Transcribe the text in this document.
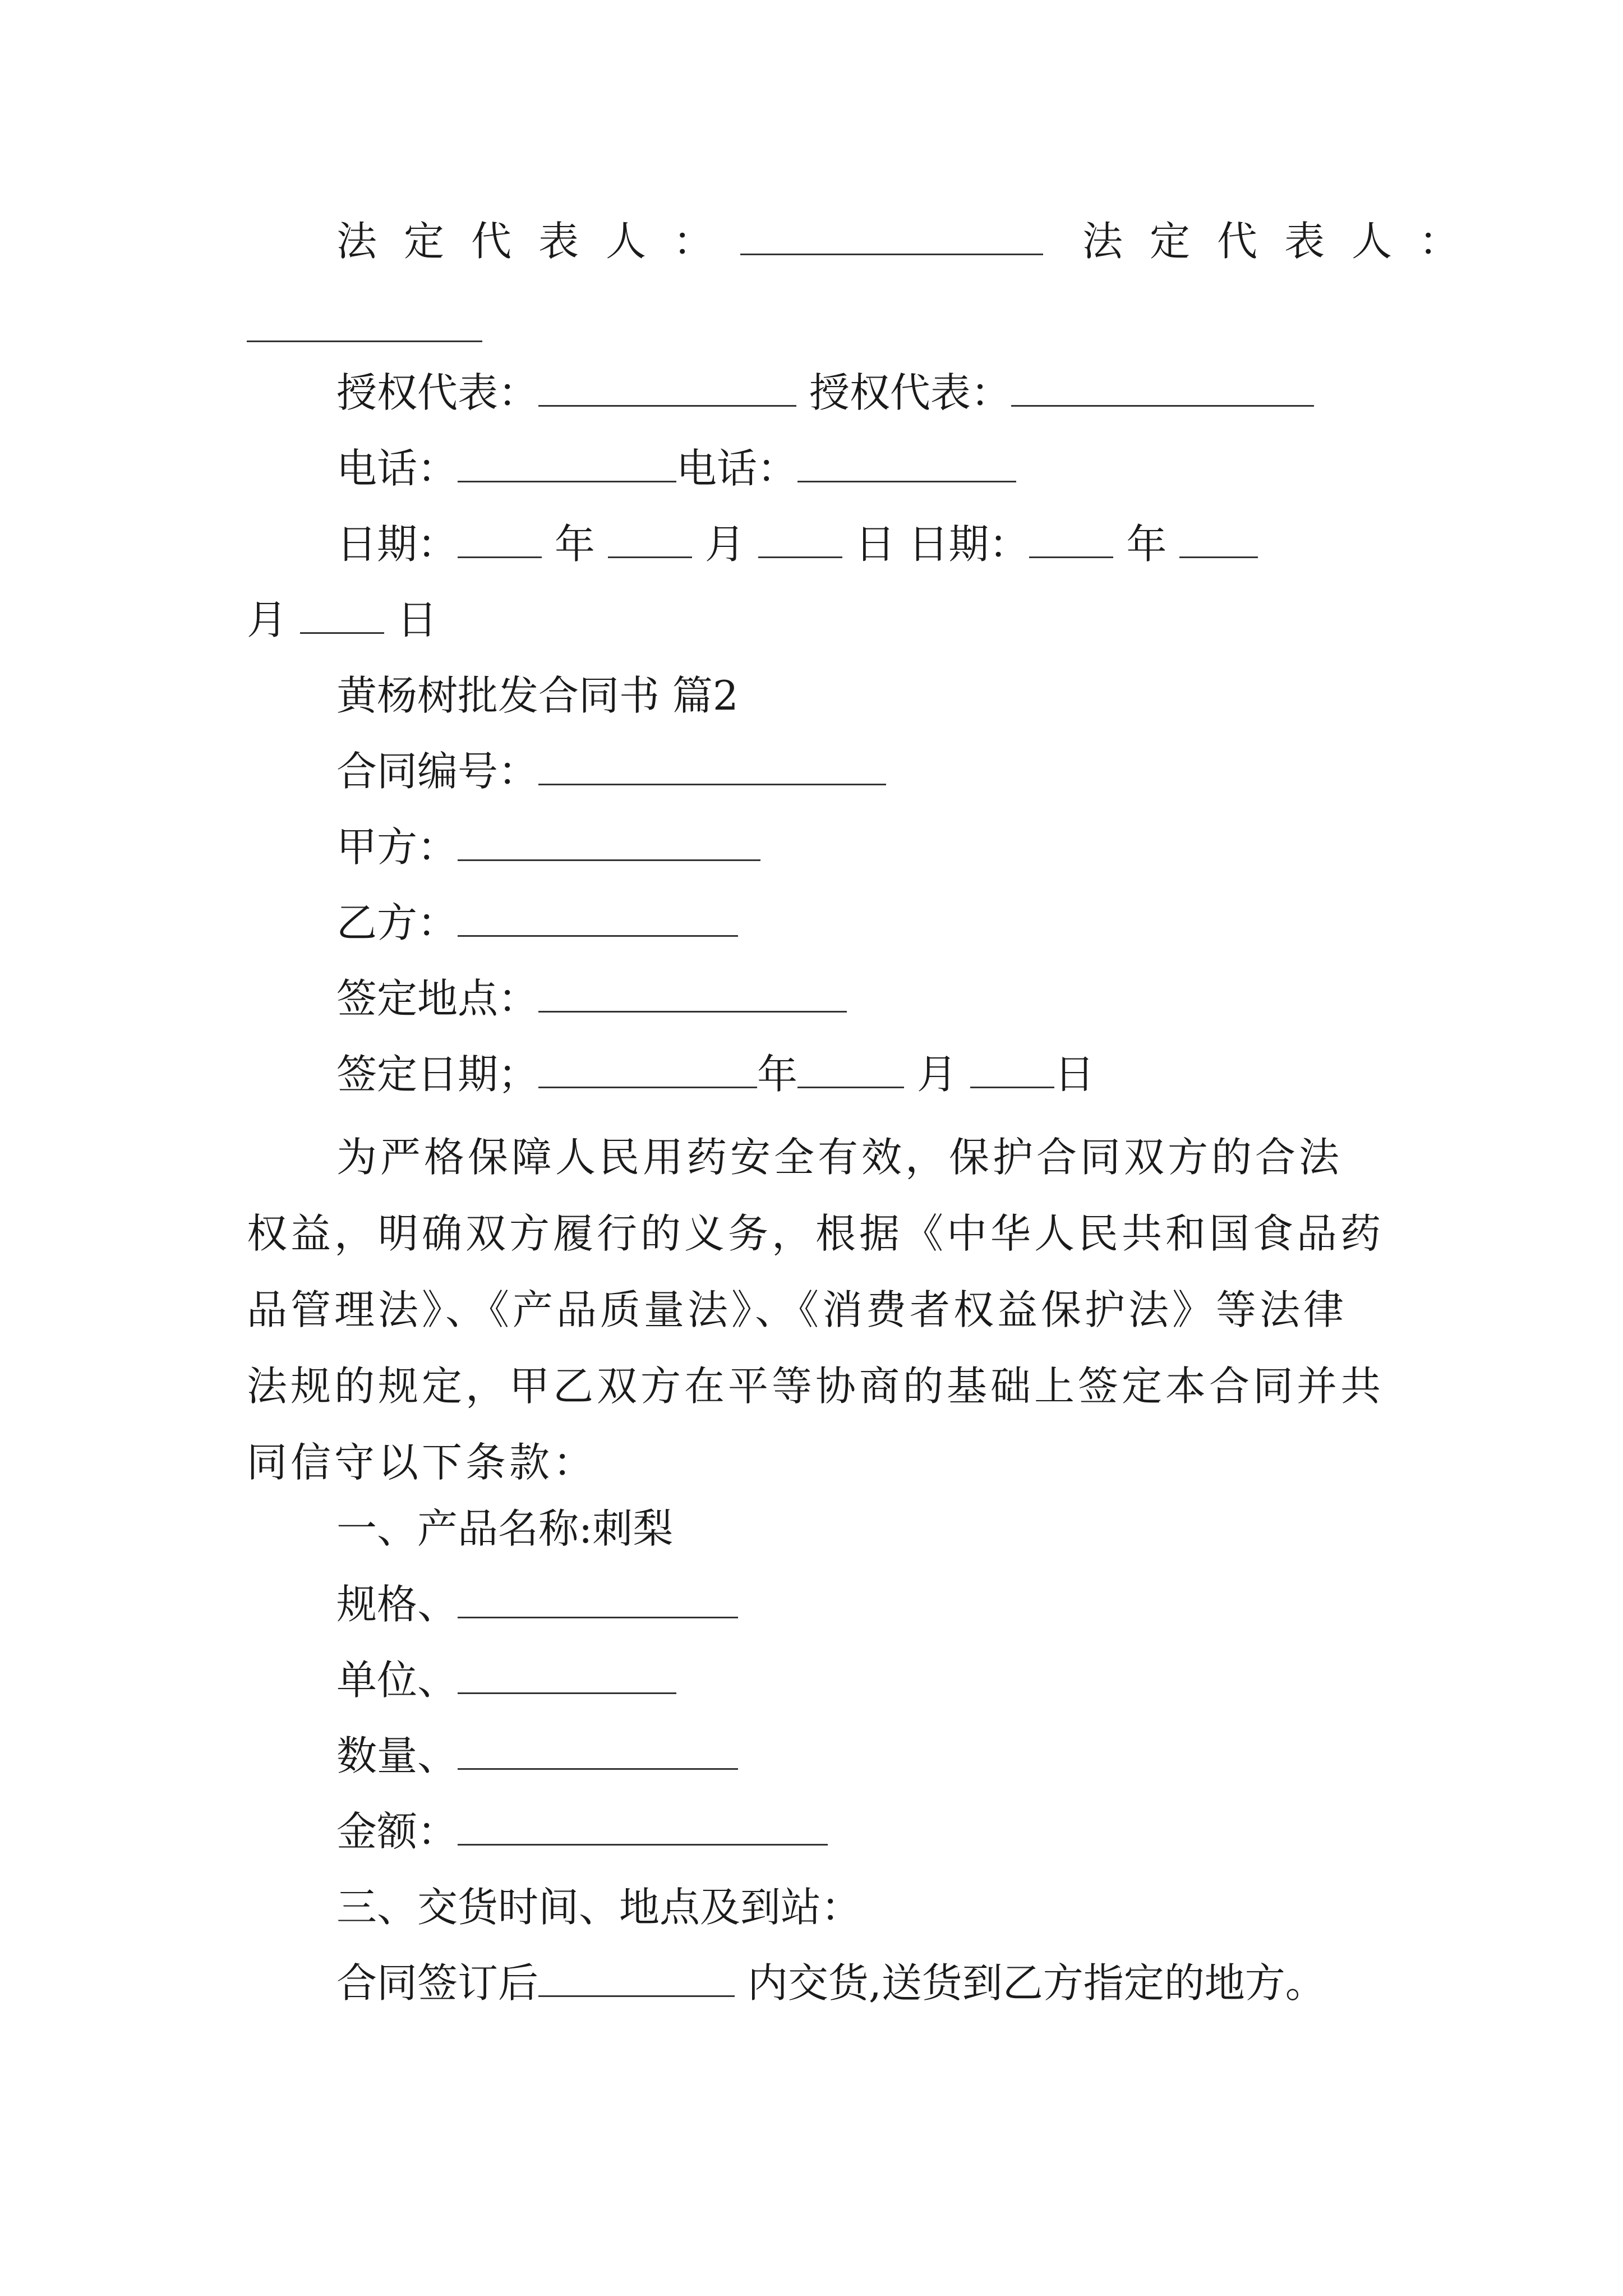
法定代表人：	法定代表人：
授权代表：	授权代表：
电话：	电话：
日期： 年	月	日 日期： 年
月	日
黄杨树批发合同书 篇2
合同编号：
甲方：
乙方：
签定地点：
签定日期；	年	月 日
为严格保障人民用药安全有效，保护合同双方的合法权益，明确双方履行的义务，根据《中华人民共和国食品药品管理法》、《产品质量法》、《消费者权益保护法》等法律法规的规定，甲乙双方在平等协商的基础上签定本合同并共同信守以下条款：
一、产品名称:刺梨
规格、
单位、
数量、
金额：
三、交货时间、地点及到站：
合同签订后	内交货,送货到乙方指定的地方。
